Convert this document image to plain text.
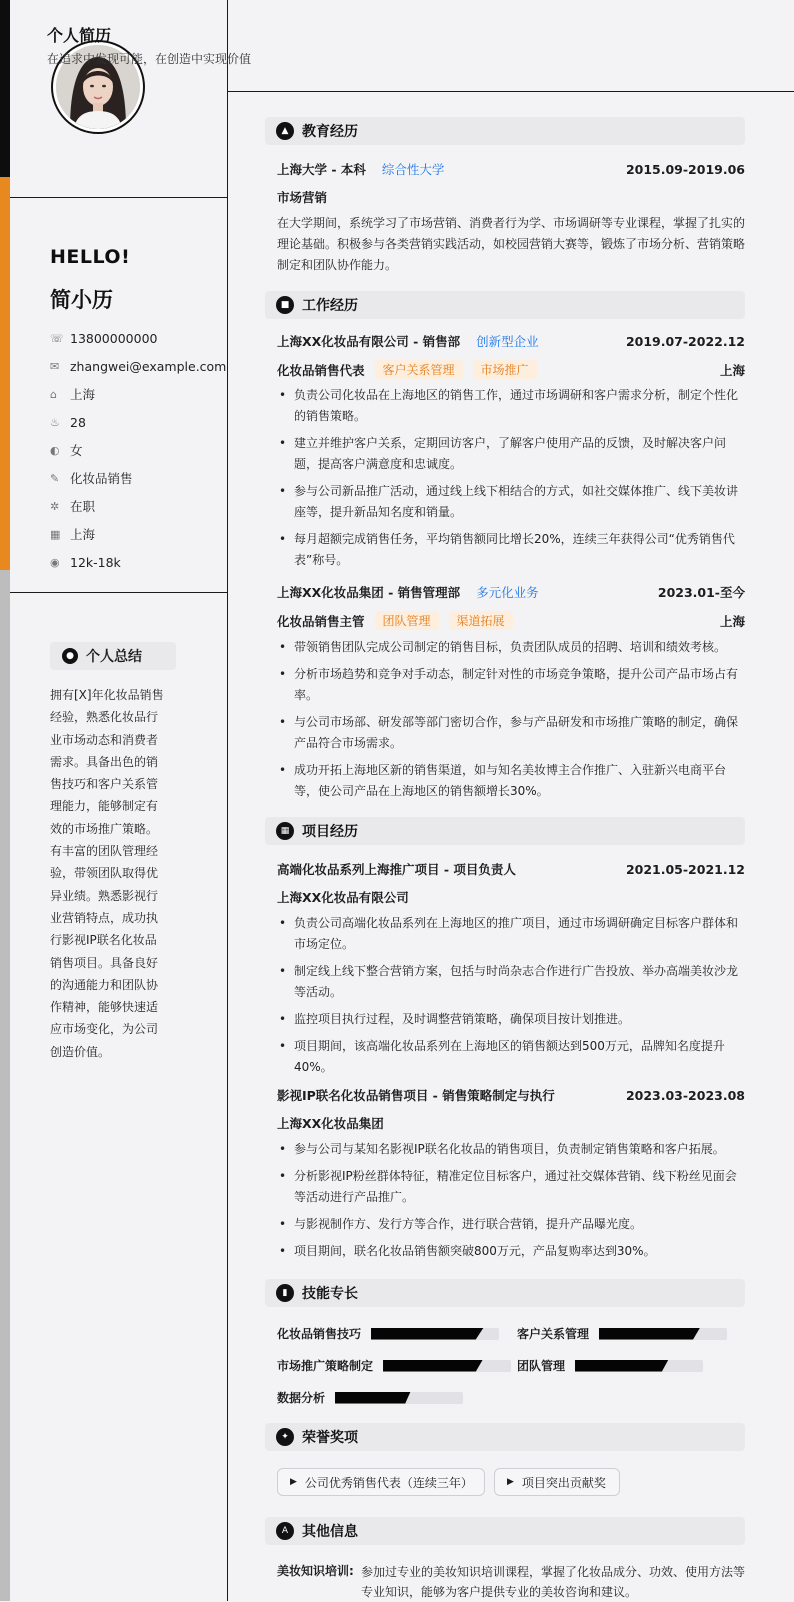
HELLO!
简小历
☏ 13800000000
✉ zhangwei@example.com
⌂	上海
♨ 28
◐ 女
✎ 化妆品销售
✲ 在职
▦ 上海
◉ 12k-18k
● 个人总结

拥有[X]年化妆品销售经验，熟悉化妆品行业市场动态和消费者需求。具备出色的销售技巧和客户关系管理能力，能够制定有效的市场推广策略。有丰富的团队管理经验，带领团队取得优异业绩。熟悉影视行业营销特点，成功执行影视IP联名化妆品销售项目。具备良好的沟通能力和团队协作精神，能够快速适应市场变化，为公司创造价值。

个人简历
在追求中发现可能，在创造中实现价值
▲ 教育经历
上海大学 - 本科 综合性大学	2015.09-2019.06
市场营销

在大学期间，系统学习了市场营销、消费者行为学、市场调研等专业课程，掌握了扎实的理论基础。积极参与各类营销实践活动，如校园营销大赛等，锻炼了市场分析、营销策略制定和团队协作能力。

■ 工作经历
上海XX化妆品有限公司 - 销售部 创新型企业	2019.07-2022.12
化妆品销售代表	客户关系管理	市场推广	上海
• 负责公司化妆品在上海地区的销售工作，通过市场调研和客户需求分析，制定个性化的销售策略。
• 建立并维护客户关系，定期回访客户，了解客户使用产品的反馈，及时解决客户问题，提高客户满意度和忠诚度。
• 参与公司新品推广活动，通过线上线下相结合的方式，如社交媒体推广、线下美妆讲座等，提升新品知名度和销量。
• 每月超额完成销售任务，平均销售额同比增长20%，连续三年获得公司“优秀销售代表”称号。
上海XX化妆品集团 - 销售管理部 多元化业务	2023.01-至今
化妆品销售主管	团队管理	渠道拓展	上海
• 带领销售团队完成公司制定的销售目标，负责团队成员的招聘、培训和绩效考核。
• 分析市场趋势和竞争对手动态，制定针对性的市场竞争策略，提升公司产品市场占有率。
• 与公司市场部、研发部等部门密切合作，参与产品研发和市场推广策略的制定，确保产品符合市场需求。
• 成功开拓上海地区新的销售渠道，如与知名美妆博主合作推广、入驻新兴电商平台等，使公司产品在上海地区的销售额增长30%。
▦ 项目经历
高端化妆品系列上海推广项目 - 项目负责人	2021.05-2021.12
上海XX化妆品有限公司
• 负责公司高端化妆品系列在上海地区的推广项目，通过市场调研确定目标客户群体和市场定位。
• 制定线上线下整合营销方案，包括与时尚杂志合作进行广告投放、举办高端美妆沙龙等活动。
• 监控项目执行过程，及时调整营销策略，确保项目按计划推进。
• 项目期间，该高端化妆品系列在上海地区的销售额达到500万元，品牌知名度提升40%。
影视IP联名化妆品销售项目 - 销售策略制定与执行	2023.03-2023.08
上海XX化妆品集团
• 参与公司与某知名影视IP联名化妆品的销售项目，负责制定销售策略和客户拓展。
• 分析影视IP粉丝群体特征，精准定位目标客户，通过社交媒体营销、线下粉丝见面会等活动进行产品推广。
• 与影视制作方、发行方等合作，进行联合营销，提升产品曝光度。
• 项目期间，联名化妆品销售额突破800万元，产品复购率达到30%。
▮	技能专长
化妆品销售技巧	客户关系管理
市场推广策略制定	团队管理
数据分析
✦ 荣誉奖项
▶ 公司优秀销售代表（连续三年）	▶ 项目突出贡献奖
A 其他信息
美妆知识培训: 参加过专业的美妆知识培训课程，掌握了化妆品成分、功效、使用方法等专业知识，能够为客户提供专业的美妆咨询和建议。
